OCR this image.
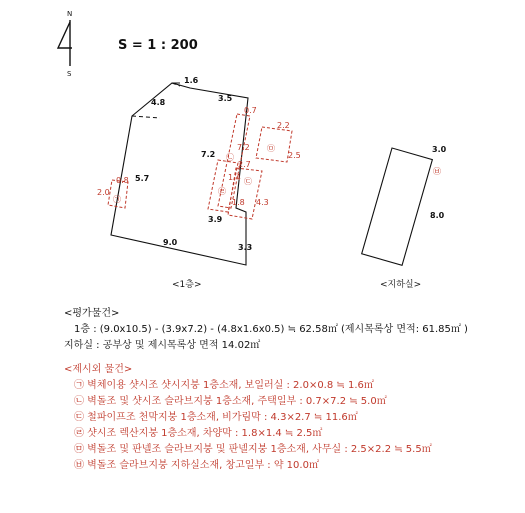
N
S
S = 1 : 200
1.6
4.8	3.5
7.2
5.7
3.9
9.0
3.3
0.7
2.2
2.5
7.2
2.7
1.4
1.8 4.3
2.0
0.8
㉠
㉡
㉢
㉣
㉤	3.0
8.0
㉥
<1층>	<지하실>
<평가물건>
1층 : (9.0x10.5) - (3.9x7.2) - (4.8x1.6x0.5) ≒ 62.58㎡ (제시목록상 면적: 61.85㎡ )
지하실 : 공부상 및 제시목록상 면적 14.02㎡
<제시외 물건>
㉠ 벽체이용 샷시조 샷시지붕 1층소재, 보일러실 : 2.0×0.8 ≒ 1.6㎡
㉡ 벽돌조 및 샷시조 슬라브지붕 1층소재, 주택일부 : 0.7×7.2 ≒ 5.0㎡
㉢ 철파이프조 천막지붕 1층소재, 비가림막 : 4.3×2.7 ≒ 11.6㎡
㉣ 샷시조 렉산지붕 1층소재, 차양막 : 1.8×1.4 ≒ 2.5㎡
㉤ 벽돌조 및 판넬조 슬라브지붕 및 판넬지붕 1층소재, 사무실 : 2.5×2.2 ≒ 5.5㎡
㉥ 벽돌조 슬라브지붕 지하실소재, 창고일부 : 약 10.0㎡
